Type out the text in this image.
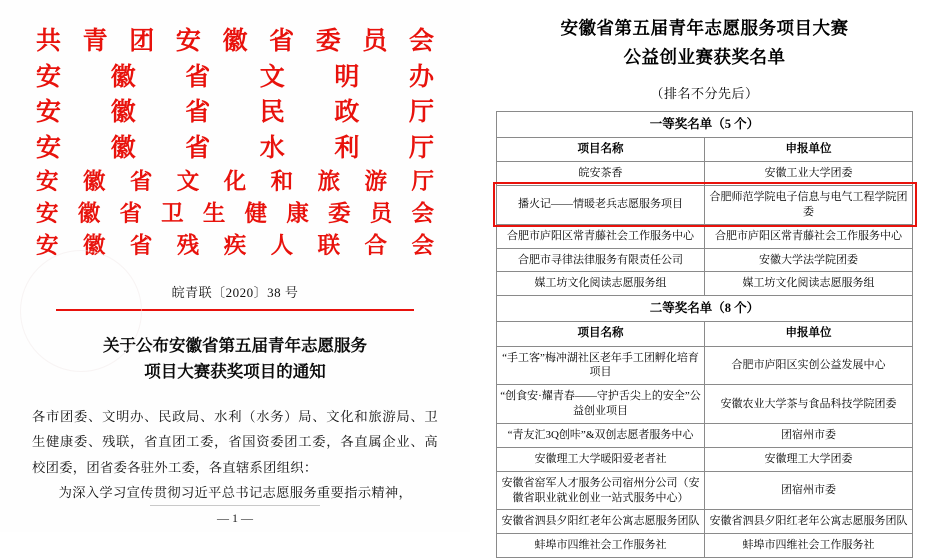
共青团安徽省委员会
安徽省文明办
安徽省民政厅
安徽省水利厅
安徽省文化和旅游厅
安徽省卫生健康委员会
安徽省残疾人联合会
皖青联〔2020〕38 号
关于公布安徽省第五届青年志愿服务
项目大赛获奖项目的通知

各市团委、文明办、民政局、水利（水务）局、文化和旅游局、卫生健康委、残联，省直团工委，省国资委团工委，各直属企业、高校团委，团省委各驻外工委，各直辖系团组织：

为深入学习宣传贯彻习近平总书记志愿服务重要指示精神，

— 1 —
安徽省第五届青年志愿服务项目大赛
公益创业赛获奖名单
（排名不分先后）
一等奖名单（5 个）	
项目名称	申报单位
皖安茶香	安徽工业大学团委
播火记——情暖老兵志愿服务项目	合肥师范学院电子信息与电气工程学院团委
合肥市庐阳区常青藤社会工作服务中心	合肥市庐阳区常青藤社会工作服务中心
合肥市寻律法律服务有限责任公司	安徽大学法学院团委
媒工坊文化阅读志愿服务组	媒工坊文化阅读志愿服务组
二等奖名单（8 个）	
项目名称	申报单位
“手工客”梅冲湖社区老年手工团孵化培育项目	合肥市庐阳区实创公益发展中心
“创食安·耀青春——守护舌尖上的安全”公益创业项目	安徽农业大学茶与食品科技学院团委
“青友汇3Q创咔”&双创志愿者服务中心	团宿州市委
安徽理工大学暖阳爱老者社	安徽理工大学团委
安徽省窑军人才服务公司宿州分公司（安徽省职业就业创业一站式服务中心）	团宿州市委
安徽省泗县夕阳红老年公寓志愿服务团队	安徽省泗县夕阳红老年公寓志愿服务团队
蚌埠市四维社会工作服务社	蚌埠市四维社会工作服务社
